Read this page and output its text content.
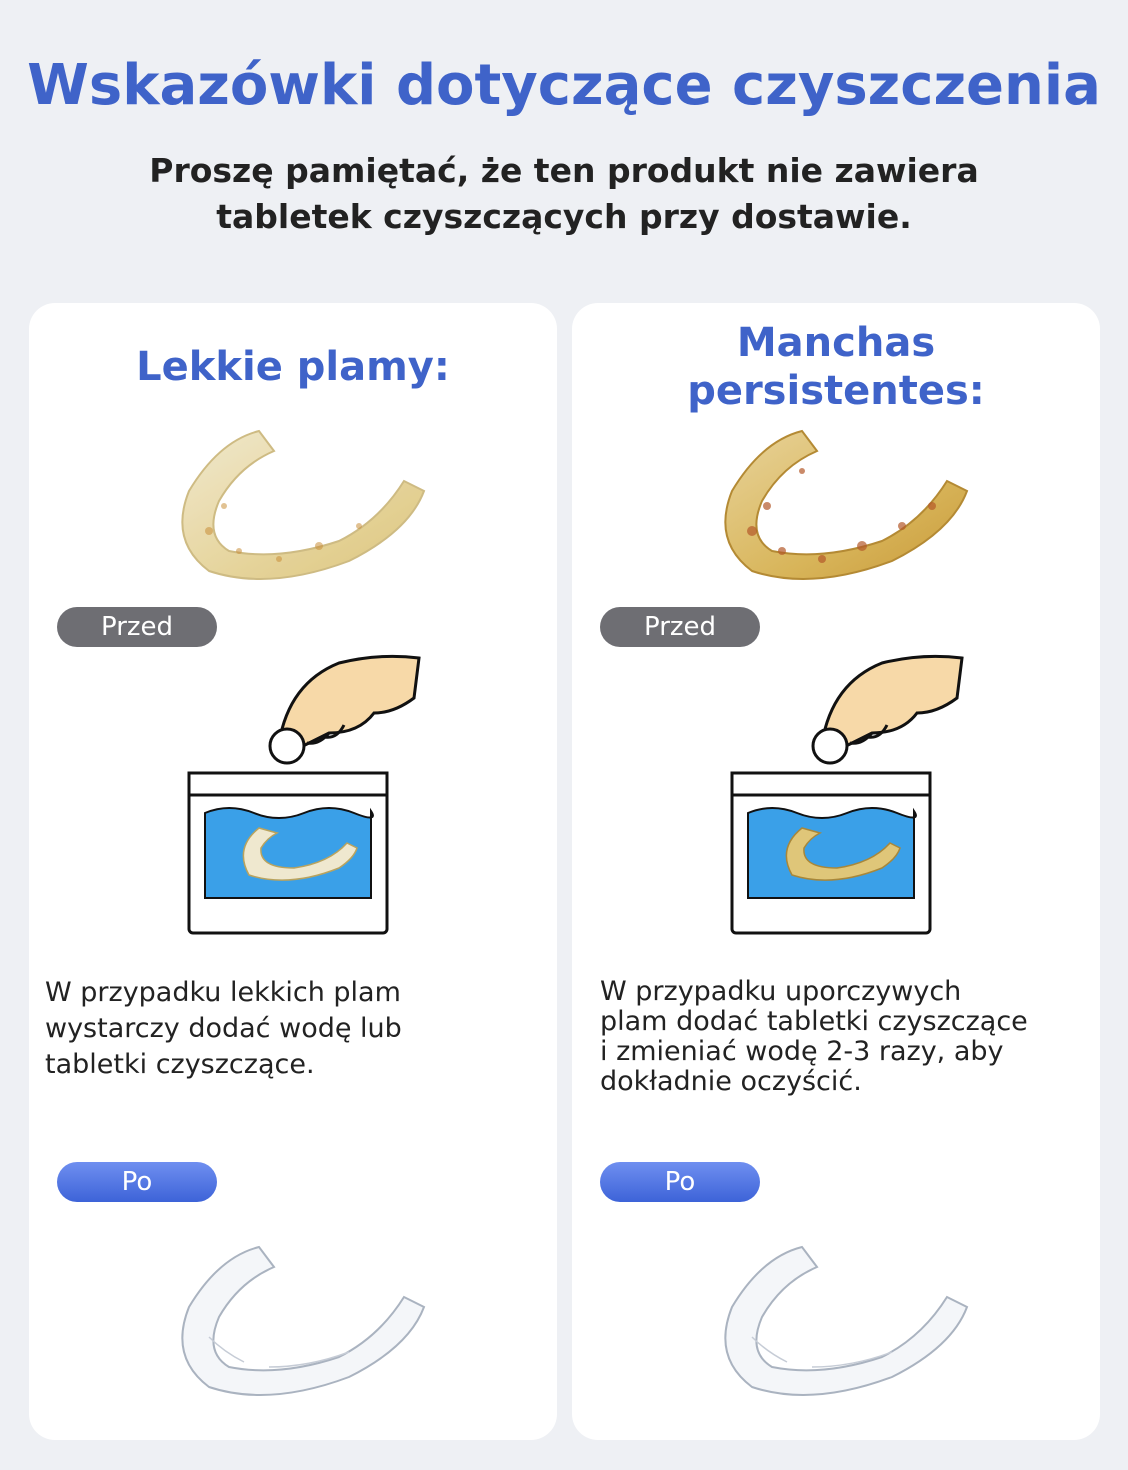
Wskazówki dotyczące czyszczenia
Proszę pamiętać, że ten produkt nie zawiera
tabletek czyszczących przy dostawie.
Lekkie plamy:
Przed

W przypadku lekkich plam
wystarczy dodać wodę lub
tabletki czyszczące.

Po
Manchas
persistentes:
Przed

W przypadku uporczywych
plam dodać tabletki czyszczące
i zmieniać wodę 2-3 razy, aby
dokładnie oczyścić.

Po
